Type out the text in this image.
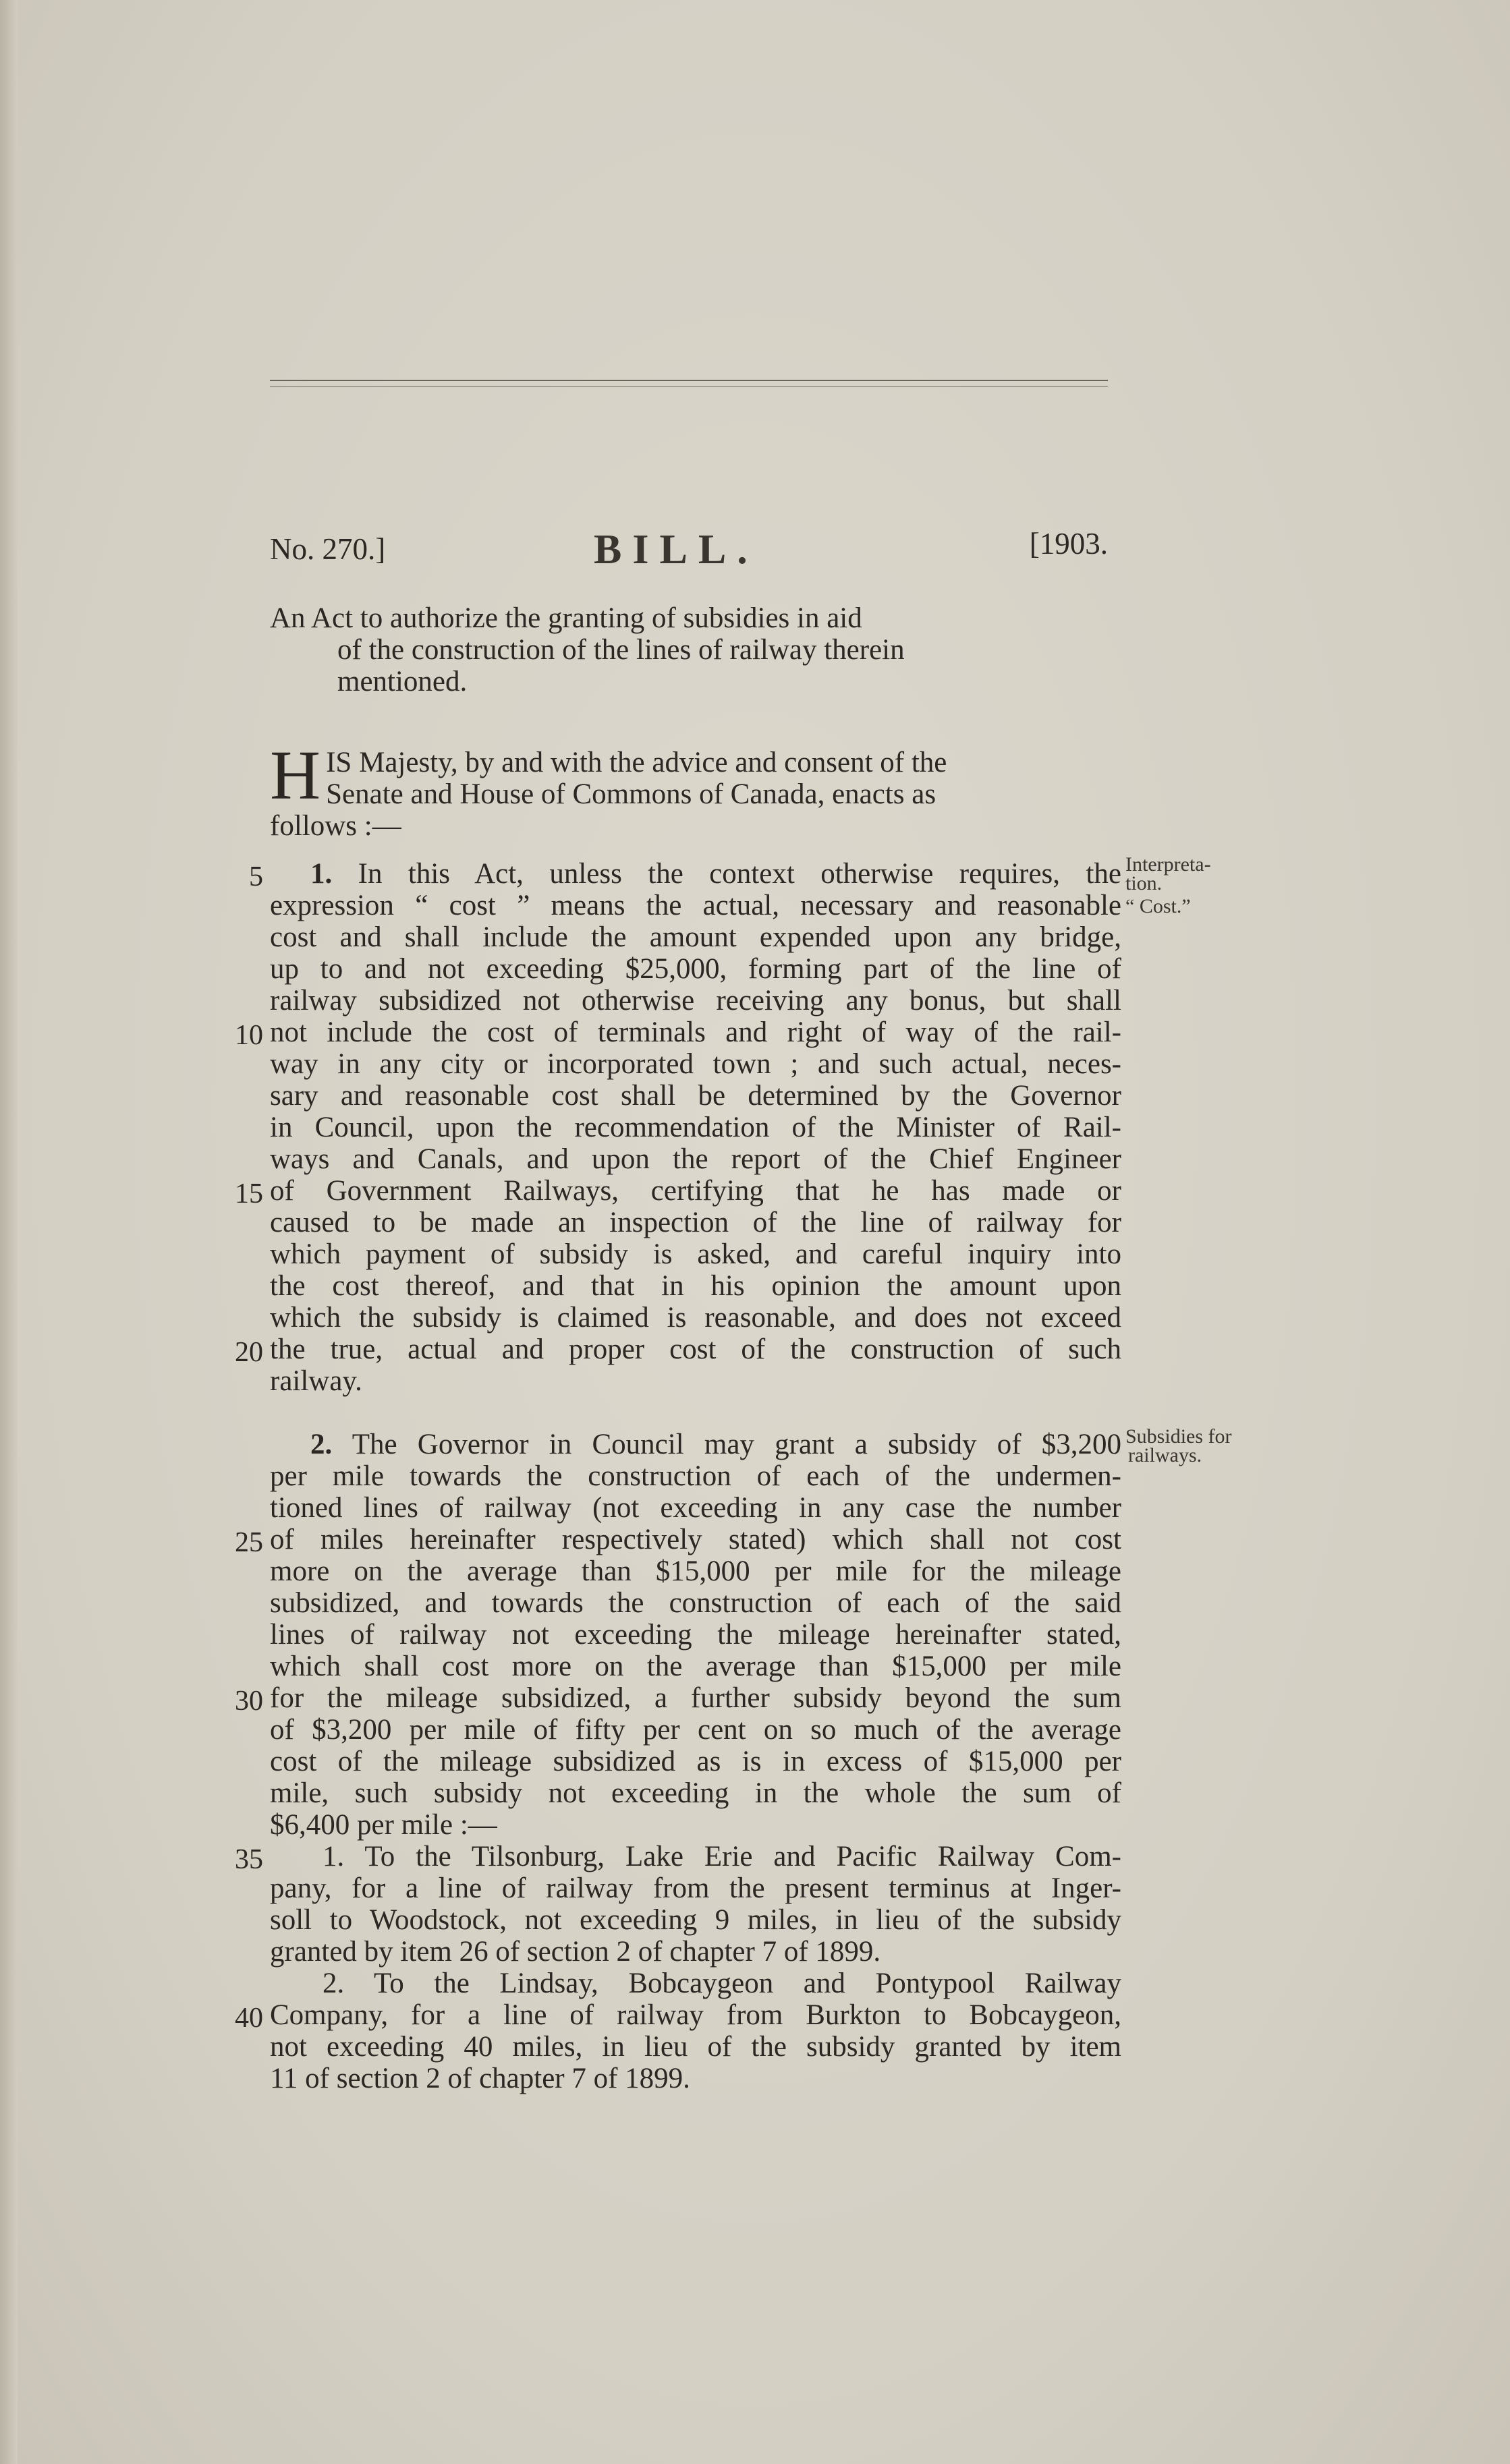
No. 270.]	BILL.	[1903.
An Act to authorize the granting of subsidies in aid
of the construction of the lines of railway therein
mentioned.
H IS Majesty, by and with the advice and consent of the
Senate and House of Commons of Canada, enacts as
follows :—
1. In this Act, unless the context otherwise requires, the
expression “ cost ” means the actual, necessary and reasonable
cost and shall include the amount expended upon any bridge,
up to and not exceeding $25,000, forming part of the line of
railway subsidized not otherwise receiving any bonus, but shall
not include the cost of terminals and right of way of the rail-
way in any city or incorporated town ; and such actual, neces-
sary and reasonable cost shall be determined by the Governor
in Council, upon the recommendation of the Minister of Rail-
ways and Canals, and upon the report of the Chief Engineer
of Government Railways, certifying that he has made or
caused to be made an inspection of the line of railway for
which payment of subsidy is asked, and careful inquiry into
the cost thereof, and that in his opinion the amount upon
which the subsidy is claimed is reasonable, and does not exceed
the true, actual and proper cost of the construction of such
railway.
Interpreta-
tion.
“ Cost.”
2. The Governor in Council may grant a subsidy of $3,200
per mile towards the construction of each of the undermen-
tioned lines of railway (not exceeding in any case the number
of miles hereinafter respectively stated) which shall not cost
more on the average than $15,000 per mile for the mileage
subsidized, and towards the construction of each of the said
lines of railway not exceeding the mileage hereinafter stated,
which shall cost more on the average than $15,000 per mile
for the mileage subsidized, a further subsidy beyond the sum
of $3,200 per mile of fifty per cent on so much of the average
cost of the mileage subsidized as is in excess of $15,000 per
mile, such subsidy not exceeding in the whole the sum of
$6,400 per mile :—
1. To the Tilsonburg, Lake Erie and Pacific Railway Com-
pany, for a line of railway from the present terminus at Inger-
soll to Woodstock, not exceeding 9 miles, in lieu of the subsidy
granted by item 26 of section 2 of chapter 7 of 1899.
2. To the Lindsay, Bobcaygeon and Pontypool Railway
Company, for a line of railway from Burkton to Bobcaygeon,
not exceeding 40 miles, in lieu of the subsidy granted by item
11 of section 2 of chapter 7 of 1899.
Subsidies for
railways.
5
10
15
20
25
30
35
40
